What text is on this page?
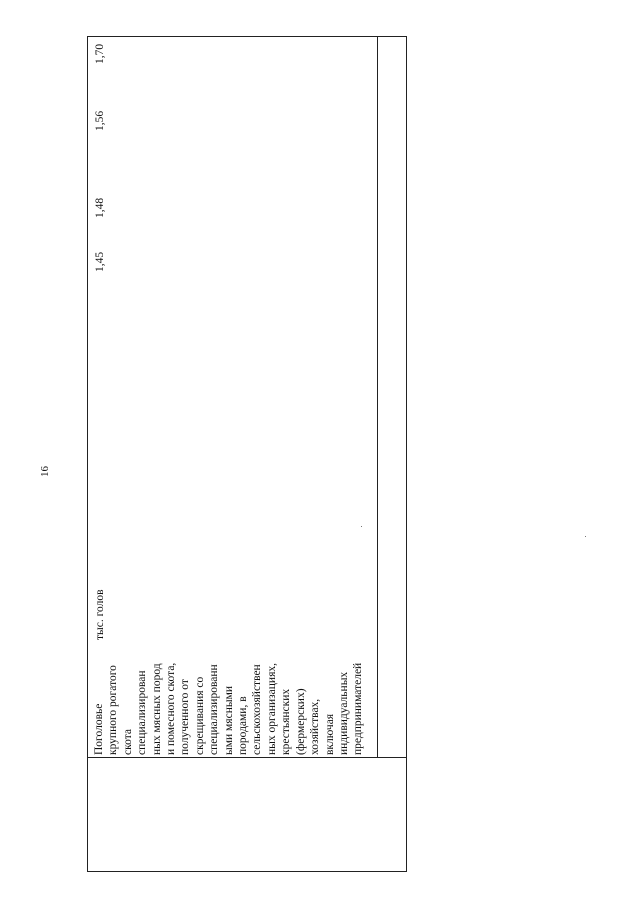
16
Поголовье крупного рогатого скота специализирован ных мясных пород и помесного скота, полученного от скрещивания со специализированн ыми мясными породами, в сельскохозяйствен ных организациях, крестьянских (фермерских) хозяйствах, включая индивидуальных предпринимателей
тыс. голов
1,45
1,48
1,56
1,70
